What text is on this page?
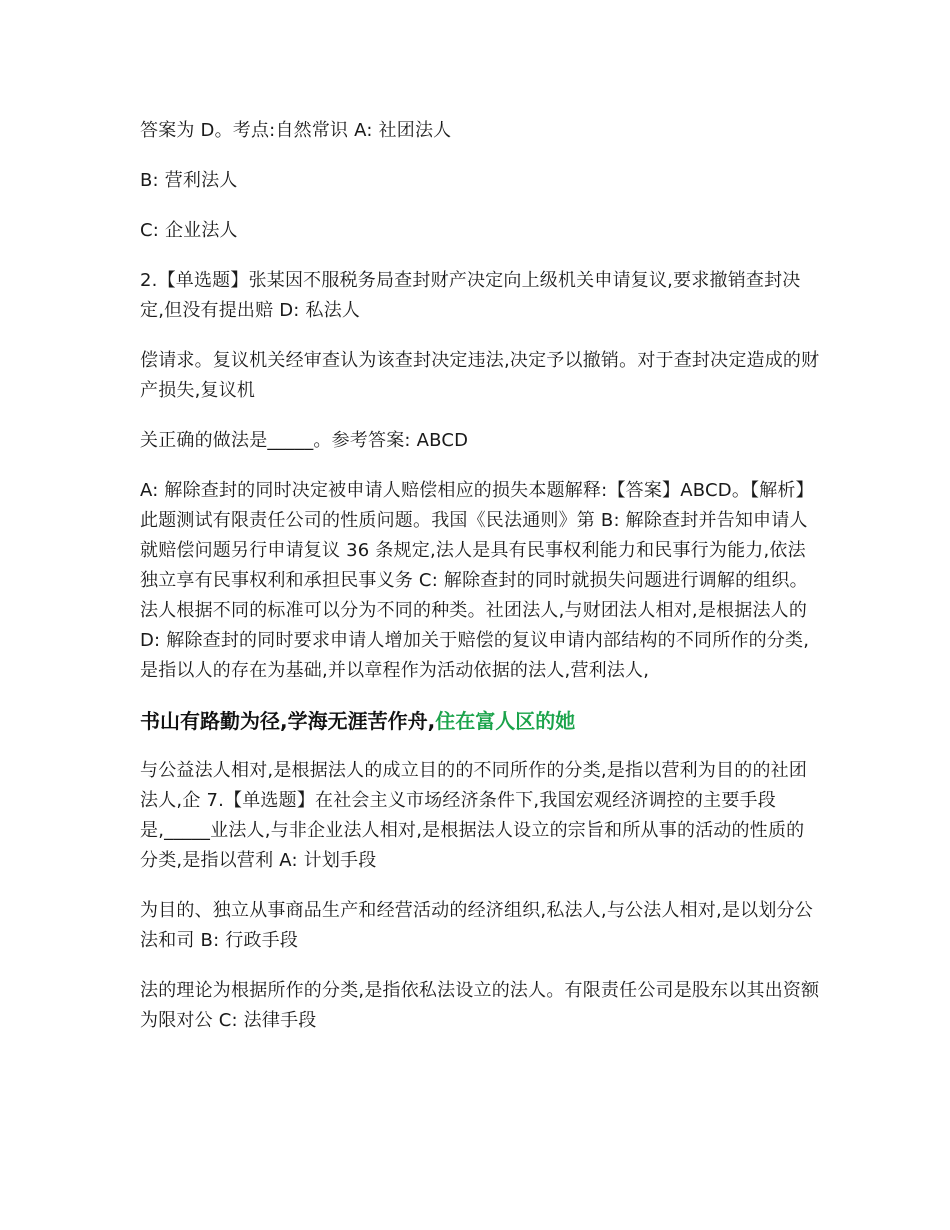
答案为 D。考点:自然常识 A: 社团法人

B: 营利法人

C: 企业法人

2.【单选题】张某因不服税务局查封财产决定向上级机关申请复议,要求撤销查封决定,但没有提出赔 D: 私法人

偿请求。复议机关经审查认为该查封决定违法,决定予以撤销。对于查封决定造成的财产损失,复议机

关正确的做法是_____。参考答案: ABCD

A: 解除查封的同时决定被申请人赔偿相应的损失本题解释:【答案】ABCD。【解析】此题测试有限责任公司的性质问题。我国《民法通则》第 B: 解除查封并告知申请人就赔偿问题另行申请复议 36 条规定,法人是具有民事权利能力和民事行为能力,依法独立享有民事权利和承担民事义务 C: 解除查封的同时就损失问题进行调解的组织。法人根据不同的标准可以分为不同的种类。社团法人,与财团法人相对,是根据法人的 D: 解除查封的同时要求申请人增加关于赔偿的复议申请内部结构的不同所作的分类,是指以人的存在为基础,并以章程作为活动依据的法人,营利法人,

书山有路勤为径,学海无涯苦作舟,住在富人区的她

与公益法人相对,是根据法人的成立目的的不同所作的分类,是指以营利为目的的社团法人,企 7.【单选题】在社会主义市场经济条件下,我国宏观经济调控的主要手段是,_____业法人,与非企业法人相对,是根据法人设立的宗旨和所从事的活动的性质的分类,是指以营利 A: 计划手段

为目的、独立从事商品生产和经营活动的经济组织,私法人,与公法人相对,是以划分公法和司 B: 行政手段

法的理论为根据所作的分类,是指依私法设立的法人。有限责任公司是股东以其出资额为限对公 C: 法律手段
